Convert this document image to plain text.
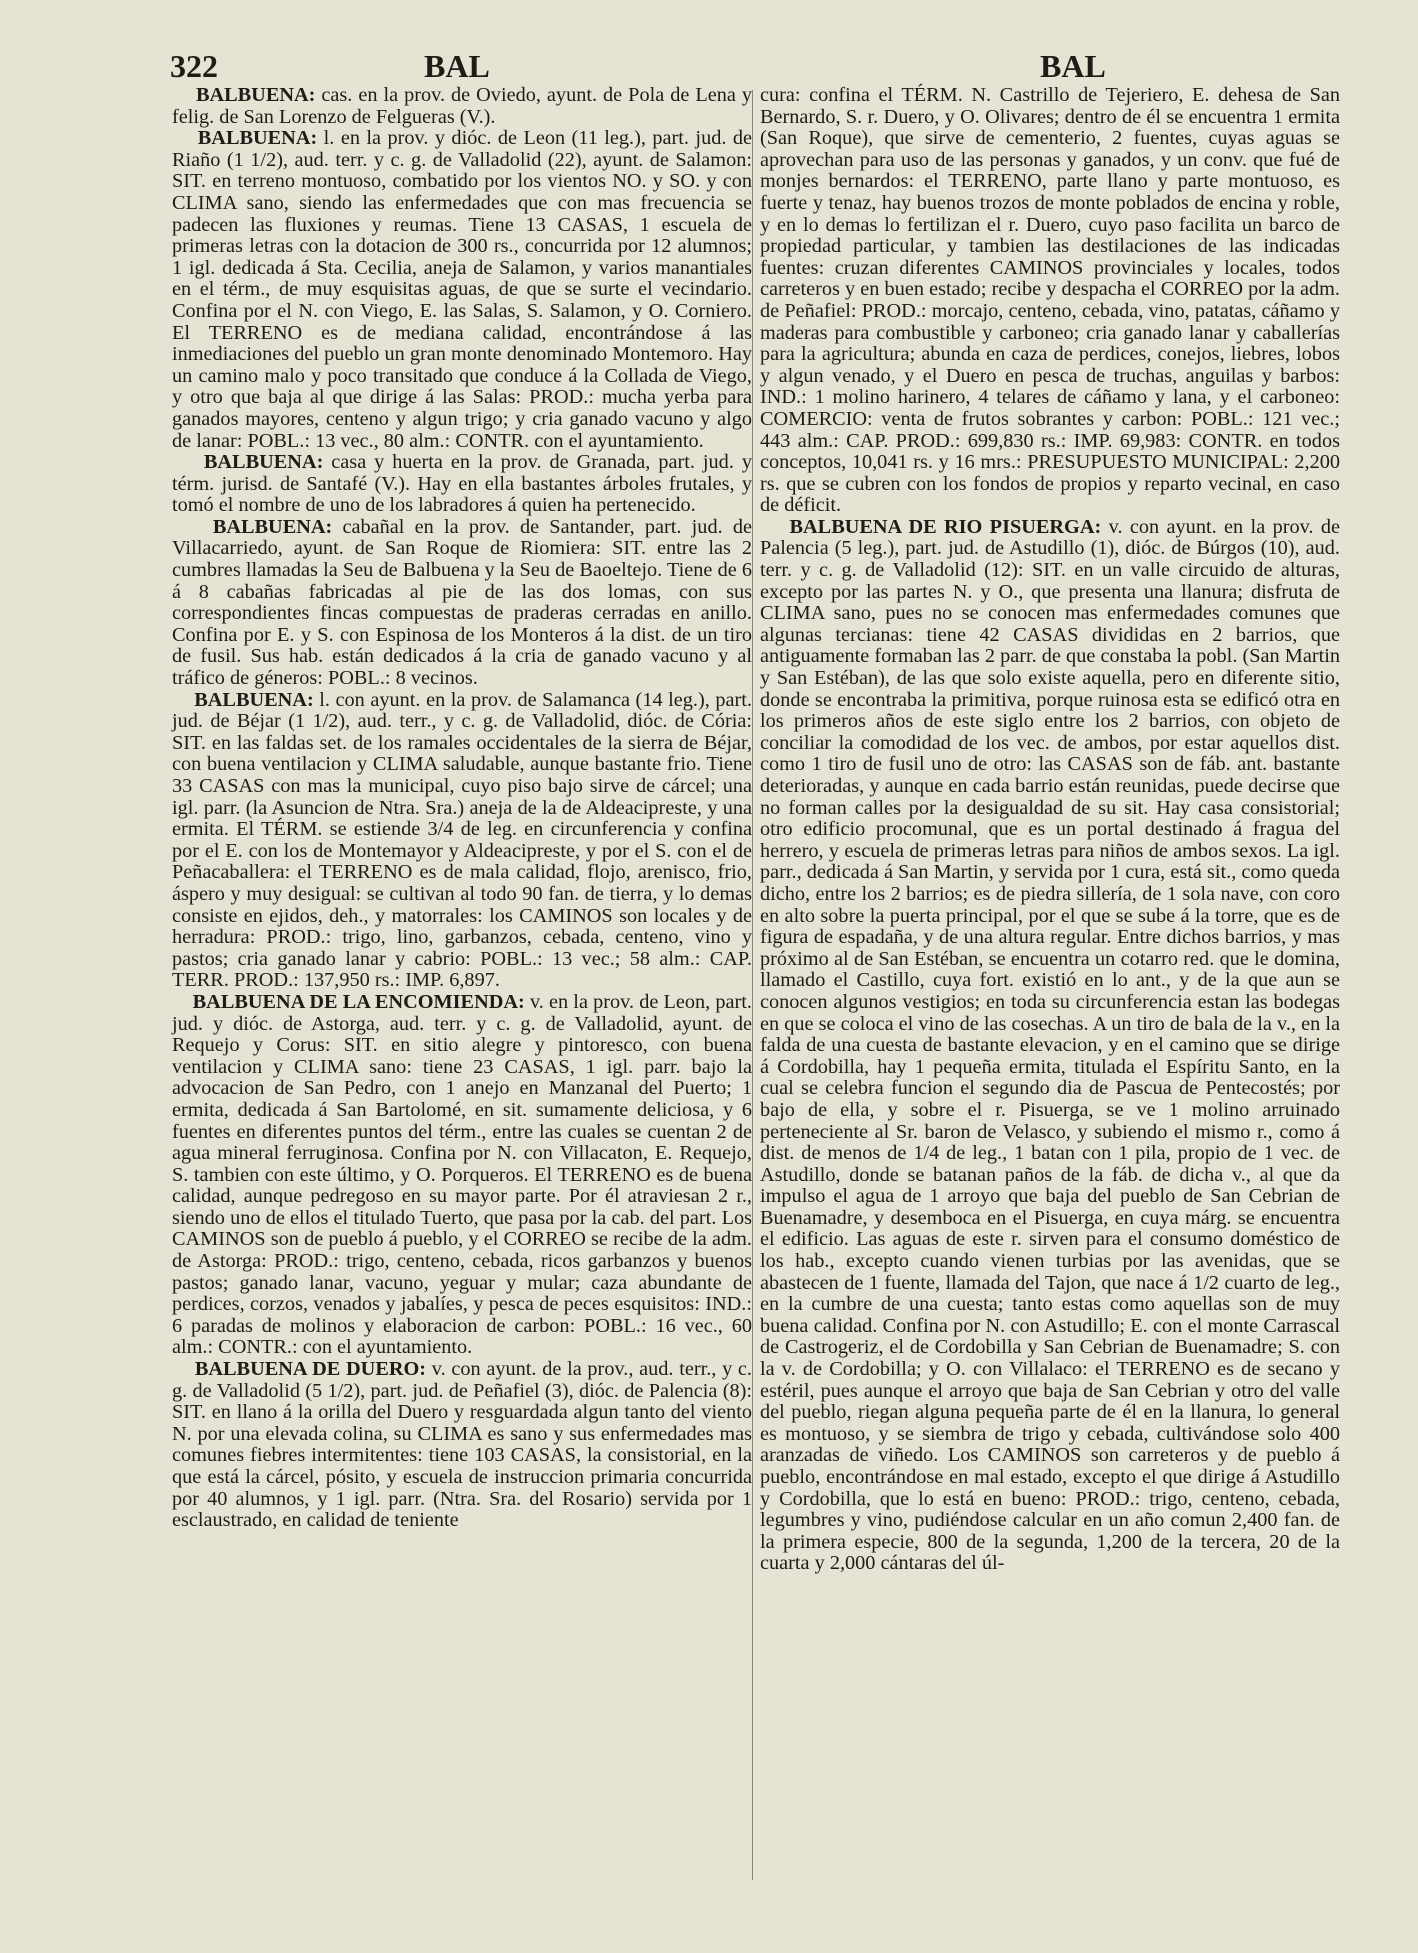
322	BAL	BAL

BALBUENA: cas. en la prov. de Oviedo, ayunt. de Pola de Lena y felig. de San Lorenzo de Felgueras (V.).

BALBUENA: l. en la prov. y dióc. de Leon (11 leg.), part. jud. de Riaño (1 1/2), aud. terr. y c. g. de Valladolid (22), ayunt. de Salamon: SIT. en terreno montuoso, combatido por los vientos NO. y SO. y con CLIMA sano, siendo las enfermedades que con mas frecuencia se padecen las fluxiones y reumas. Tiene 13 CASAS, 1 escuela de primeras letras con la dotacion de 300 rs., concurrida por 12 alumnos; 1 igl. dedicada á Sta. Cecilia, aneja de Salamon, y varios manantiales en el térm., de muy esquisitas aguas, de que se surte el vecindario. Confina por el N. con Viego, E. las Salas, S. Salamon, y O. Corniero. El TERRENO es de mediana calidad, encontrándose á las inmediaciones del pueblo un gran monte denominado Montemoro. Hay un camino malo y poco transitado que conduce á la Collada de Viego, y otro que baja al que dirige á las Salas: PROD.: mucha yerba para ganados mayores, centeno y algun trigo; y cria ganado vacuno y algo de lanar: POBL.: 13 vec., 80 alm.: CONTR. con el ayuntamiento.

BALBUENA: casa y huerta en la prov. de Granada, part. jud. y térm. jurisd. de Santafé (V.). Hay en ella bastantes árboles frutales, y tomó el nombre de uno de los labradores á quien ha pertenecido.

BALBUENA: cabañal en la prov. de Santander, part. jud. de Villacarriedo, ayunt. de San Roque de Riomiera: SIT. entre las 2 cumbres llamadas la Seu de Balbuena y la Seu de Baoeltejo. Tiene de 6 á 8 cabañas fabricadas al pie de las dos lomas, con sus correspondientes fincas compuestas de praderas cerradas en anillo. Confina por E. y S. con Espinosa de los Monteros á la dist. de un tiro de fusil. Sus hab. están dedicados á la cria de ganado vacuno y al tráfico de géneros: POBL.: 8 vecinos.

BALBUENA: l. con ayunt. en la prov. de Salamanca (14 leg.), part. jud. de Béjar (1 1/2), aud. terr., y c. g. de Valladolid, dióc. de Cória: SIT. en las faldas set. de los ramales occidentales de la sierra de Béjar, con buena ventilacion y CLIMA saludable, aunque bastante frio. Tiene 33 CASAS con mas la municipal, cuyo piso bajo sirve de cárcel; una igl. parr. (la Asuncion de Ntra. Sra.) aneja de la de Aldeacipreste, y una ermita. El TÉRM. se estiende 3/4 de leg. en circunferencia y confina por el E. con los de Montemayor y Aldeacipreste, y por el S. con el de Peñacaballera: el TERRENO es de mala calidad, flojo, arenisco, frio, áspero y muy desigual: se cultivan al todo 90 fan. de tierra, y lo demas consiste en ejidos, deh., y matorrales: los CAMINOS son locales y de herradura: PROD.: trigo, lino, garbanzos, cebada, centeno, vino y pastos; cria ganado lanar y cabrio: POBL.: 13 vec.; 58 alm.: CAP. TERR. PROD.: 137,950 rs.: IMP. 6,897.

BALBUENA DE LA ENCOMIENDA: v. en la prov. de Leon, part. jud. y dióc. de Astorga, aud. terr. y c. g. de Valladolid, ayunt. de Requejo y Corus: SIT. en sitio alegre y pintoresco, con buena ventilacion y CLIMA sano: tiene 23 CASAS, 1 igl. parr. bajo la advocacion de San Pedro, con 1 anejo en Manzanal del Puerto; 1 ermita, dedicada á San Bartolomé, en sit. sumamente deliciosa, y 6 fuentes en diferentes puntos del térm., entre las cuales se cuentan 2 de agua mineral ferruginosa. Confina por N. con Villacaton, E. Requejo, S. tambien con este último, y O. Porqueros. El TERRENO es de buena calidad, aunque pedregoso en su mayor parte. Por él atraviesan 2 r., siendo uno de ellos el titulado Tuerto, que pasa por la cab. del part. Los CAMINOS son de pueblo á pueblo, y el CORREO se recibe de la adm. de Astorga: PROD.: trigo, centeno, cebada, ricos garbanzos y buenos pastos; ganado lanar, vacuno, yeguar y mular; caza abundante de perdices, corzos, venados y jabalíes, y pesca de peces esquisitos: IND.: 6 paradas de molinos y elaboracion de carbon: POBL.: 16 vec., 60 alm.: CONTR.: con el ayuntamiento.

BALBUENA DE DUERO: v. con ayunt. de la prov., aud. terr., y c. g. de Valladolid (5 1/2), part. jud. de Peñafiel (3), dióc. de Palencia (8): SIT. en llano á la orilla del Duero y resguardada algun tanto del viento N. por una elevada colina, su CLIMA es sano y sus enfermedades mas comunes fiebres intermitentes: tiene 103 CASAS, la consistorial, en la que está la cárcel, pósito, y escuela de instruccion primaria concurrida por 40 alumnos, y 1 igl. parr. (Ntra. Sra. del Rosario) servida por 1 esclaustrado, en calidad de teniente

cura: confina el TÉRM. N. Castrillo de Tejeriero, E. dehesa de San Bernardo, S. r. Duero, y O. Olivares; dentro de él se encuentra 1 ermita (San Roque), que sirve de cementerio, 2 fuentes, cuyas aguas se aprovechan para uso de las personas y ganados, y un conv. que fué de monjes bernardos: el TERRENO, parte llano y parte montuoso, es fuerte y tenaz, hay buenos trozos de monte poblados de encina y roble, y en lo demas lo fertilizan el r. Duero, cuyo paso facilita un barco de propiedad particular, y tambien las destilaciones de las indicadas fuentes: cruzan diferentes CAMINOS provinciales y locales, todos carreteros y en buen estado; recibe y despacha el CORREO por la adm. de Peñafiel: PROD.: morcajo, centeno, cebada, vino, patatas, cáñamo y maderas para combustible y carboneo; cria ganado lanar y caballerías para la agricultura; abunda en caza de perdices, conejos, liebres, lobos y algun venado, y el Duero en pesca de truchas, anguilas y barbos: IND.: 1 molino harinero, 4 telares de cáñamo y lana, y el carboneo: COMERCIO: venta de frutos sobrantes y carbon: POBL.: 121 vec.; 443 alm.: CAP. PROD.: 699,830 rs.: IMP. 69,983: CONTR. en todos conceptos, 10,041 rs. y 16 mrs.: PRESUPUESTO MUNICIPAL: 2,200 rs. que se cubren con los fondos de propios y reparto vecinal, en caso de déficit.

BALBUENA DE RIO PISUERGA: v. con ayunt. en la prov. de Palencia (5 leg.), part. jud. de Astudillo (1), dióc. de Búrgos (10), aud. terr. y c. g. de Valladolid (12): SIT. en un valle circuido de alturas, excepto por las partes N. y O., que presenta una llanura; disfruta de CLIMA sano, pues no se conocen mas enfermedades comunes que algunas tercianas: tiene 42 CASAS divididas en 2 barrios, que antiguamente formaban las 2 parr. de que constaba la pobl. (San Martin y San Estéban), de las que solo existe aquella, pero en diferente sitio, donde se encontraba la primitiva, porque ruinosa esta se edificó otra en los primeros años de este siglo entre los 2 barrios, con objeto de conciliar la comodidad de los vec. de ambos, por estar aquellos dist. como 1 tiro de fusil uno de otro: las CASAS son de fáb. ant. bastante deterioradas, y aunque en cada barrio están reunidas, puede decirse que no forman calles por la desigualdad de su sit. Hay casa consistorial; otro edificio procomunal, que es un portal destinado á fragua del herrero, y escuela de primeras letras para niños de ambos sexos. La igl. parr., dedicada á San Martin, y servida por 1 cura, está sit., como queda dicho, entre los 2 barrios; es de piedra sillería, de 1 sola nave, con coro en alto sobre la puerta principal, por el que se sube á la torre, que es de figura de espadaña, y de una altura regular. Entre dichos barrios, y mas próximo al de San Estéban, se encuentra un cotarro red. que le domina, llamado el Castillo, cuya fort. existió en lo ant., y de la que aun se conocen algunos vestigios; en toda su circunferencia estan las bodegas en que se coloca el vino de las cosechas. A un tiro de bala de la v., en la falda de una cuesta de bastante elevacion, y en el camino que se dirige á Cordobilla, hay 1 pequeña ermita, titulada el Espíritu Santo, en la cual se celebra funcion el segundo dia de Pascua de Pentecostés; por bajo de ella, y sobre el r. Pisuerga, se ve 1 molino arruinado perteneciente al Sr. baron de Velasco, y subiendo el mismo r., como á dist. de menos de 1/4 de leg., 1 batan con 1 pila, propio de 1 vec. de Astudillo, donde se batanan paños de la fáb. de dicha v., al que da impulso el agua de 1 arroyo que baja del pueblo de San Cebrian de Buenamadre, y desemboca en el Pisuerga, en cuya márg. se encuentra el edificio. Las aguas de este r. sirven para el consumo doméstico de los hab., excepto cuando vienen turbias por las avenidas, que se abastecen de 1 fuente, llamada del Tajon, que nace á 1/2 cuarto de leg., en la cumbre de una cuesta; tanto estas como aquellas son de muy buena calidad. Confina por N. con Astudillo; E. con el monte Carrascal de Castrogeriz, el de Cordobilla y San Cebrian de Buenamadre; S. con la v. de Cordobilla; y O. con Villalaco: el TERRENO es de secano y estéril, pues aunque el arroyo que baja de San Cebrian y otro del valle del pueblo, riegan alguna pequeña parte de él en la llanura, lo general es montuoso, y se siembra de trigo y cebada, cultivándose solo 400 aranzadas de viñedo. Los CAMINOS son carreteros y de pueblo á pueblo, encontrándose en mal estado, excepto el que dirige á Astudillo y Cordobilla, que lo está en bueno: PROD.: trigo, centeno, cebada, legumbres y vino, pudiéndose calcular en un año comun 2,400 fan. de la primera especie, 800 de la segunda, 1,200 de la tercera, 20 de la cuarta y 2,000 cántaras del úl-
